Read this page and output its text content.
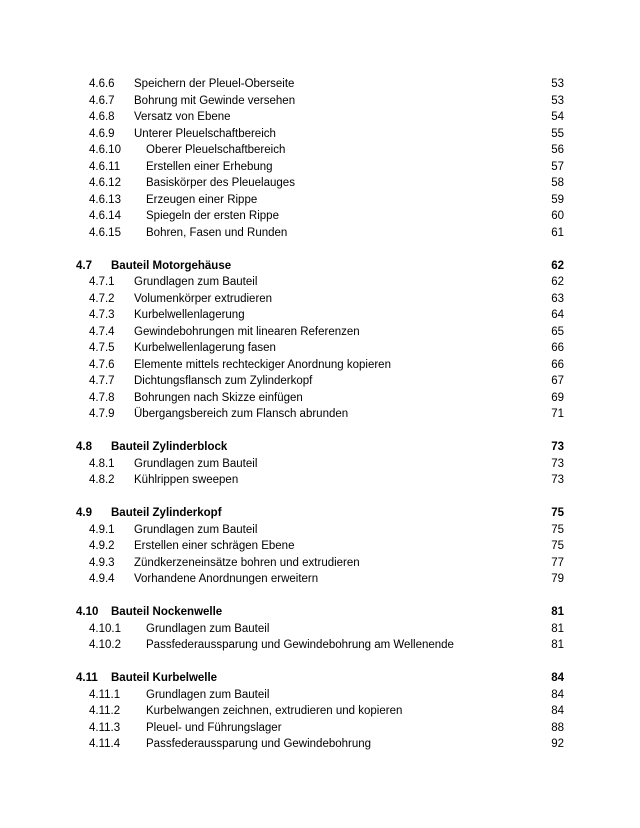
4.6.6 Speichern der Pleuel-Oberseite	53
4.6.7 Bohrung mit Gewinde versehen	53
4.6.8 Versatz von Ebene	54
4.6.9 Unterer Pleuelschaftbereich	55
4.6.10 Oberer Pleuelschaftbereich	56
4.6.11 Erstellen einer Erhebung	57
4.6.12 Basiskörper des Pleuelauges	58
4.6.13 Erzeugen einer Rippe	59
4.6.14 Spiegeln der ersten Rippe	60
4.6.15 Bohren, Fasen und Runden	61
4.7 Bauteil Motorgehäuse	62
4.7.1 Grundlagen zum Bauteil	62
4.7.2 Volumenkörper extrudieren	63
4.7.3 Kurbelwellenlagerung	64
4.7.4 Gewindebohrungen mit linearen Referenzen	65
4.7.5 Kurbelwellenlagerung fasen	66
4.7.6 Elemente mittels rechteckiger Anordnung kopieren	66
4.7.7 Dichtungsflansch zum Zylinderkopf	67
4.7.8 Bohrungen nach Skizze einfügen	69
4.7.9 Übergangsbereich zum Flansch abrunden	71
4.8 Bauteil Zylinderblock	73
4.8.1 Grundlagen zum Bauteil	73
4.8.2 Kühlrippen sweepen	73
4.9 Bauteil Zylinderkopf	75
4.9.1 Grundlagen zum Bauteil	75
4.9.2 Erstellen einer schrägen Ebene	75
4.9.3 Zündkerzeneinsätze bohren und extrudieren	77
4.9.4 Vorhandene Anordnungen erweitern	79
4.10 Bauteil Nockenwelle	81
4.10.1 Grundlagen zum Bauteil	81
4.10.2 Passfederaussparung und Gewindebohrung am Wellenende	81
4.11 Bauteil Kurbelwelle	84
4.11.1 Grundlagen zum Bauteil	84
4.11.2 Kurbelwangen zeichnen, extrudieren und kopieren	84
4.11.3 Pleuel- und Führungslager	88
4.11.4 Passfederaussparung und Gewindebohrung	92
